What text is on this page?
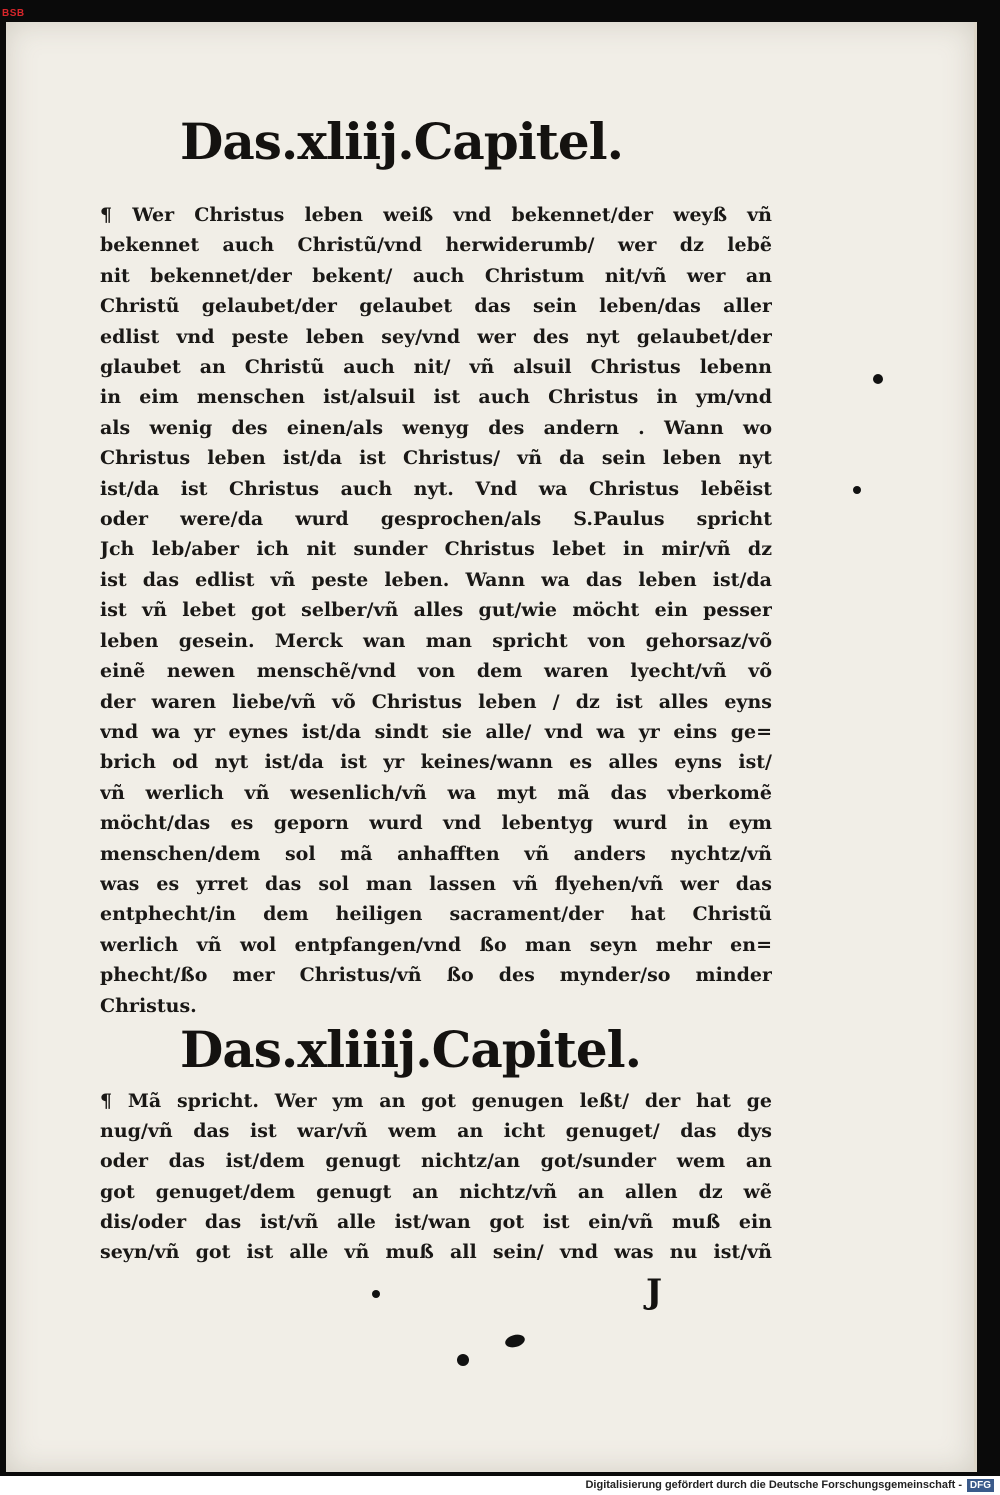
BSB
Das.xliij.Capitel.
¶ Wer Christus leben weiß vnd bekennet/der weyß vñ
bekennet auch Christũ/vnd herwiderumb/ wer dz lebẽ
nit bekennet/der bekent/ auch Christum nit/vñ wer an
Christũ gelaubet/der gelaubet das sein leben/das aller
edlist vnd peste leben sey/vnd wer des nyt gelaubet/der
glaubet an Christũ auch nit/ vñ alsuil Christus lebenn
in eim menschen ist/alsuil ist auch Christus in ym/vnd
als wenig des einen/als wenyg des andern . Wann wo
Christus leben ist/da ist Christus/ vñ da sein leben nyt
ist/da ist Christus auch nyt. Vnd wa Christus lebẽist
oder were/da wurd gesprochen/als S.Paulus spricht
Jch leb/aber ich nit sunder Christus lebet in mir/vñ dz
ist das edlist vñ peste leben. Wann wa das leben ist/da
ist vñ lebet got selber/vñ alles gut/wie möcht ein pesser
leben gesein. Merck wan man spricht von gehorsaz/võ
einẽ newen menschẽ/vnd von dem waren lyecht/vñ võ
der waren liebe/vñ võ Christus leben / dz ist alles eyns
vnd wa yr eynes ist/da sindt sie alle/ vnd wa yr eins ge=
brich od nyt ist/da ist yr keines/wann es alles eyns ist/
vñ werlich vñ wesenlich/vñ wa myt mã das vberkomẽ
möcht/das es geporn wurd vnd lebentyg wurd in eym
menschen/dem sol mã anhafften vñ anders nychtz/vñ
was es yrret das sol man lassen vñ flyehen/vñ wer das
entphecht/in dem heiligen sacrament/der hat Christũ
werlich vñ wol entpfangen/vnd ßo man seyn mehr en=
phecht/ßo mer Christus/vñ ßo des mynder/so minder
Christus.
Das.xliiij.Capitel.
¶ Mã spricht. Wer ym an got genugen leßt/ der hat ge
nug/vñ das ist war/vñ wem an icht genuget/ das dys
oder das ist/dem genugt nichtz/an got/sunder wem an
got genuget/dem genugt an nichtz/vñ an allen dz wẽ
dis/oder das ist/vñ alle ist/wan got ist ein/vñ muß ein
seyn/vñ got ist alle vñ muß all sein/ vnd was nu ist/vñ
J
Digitalisierung gefördert durch die Deutsche Forschungsgemeinschaft - DFG
